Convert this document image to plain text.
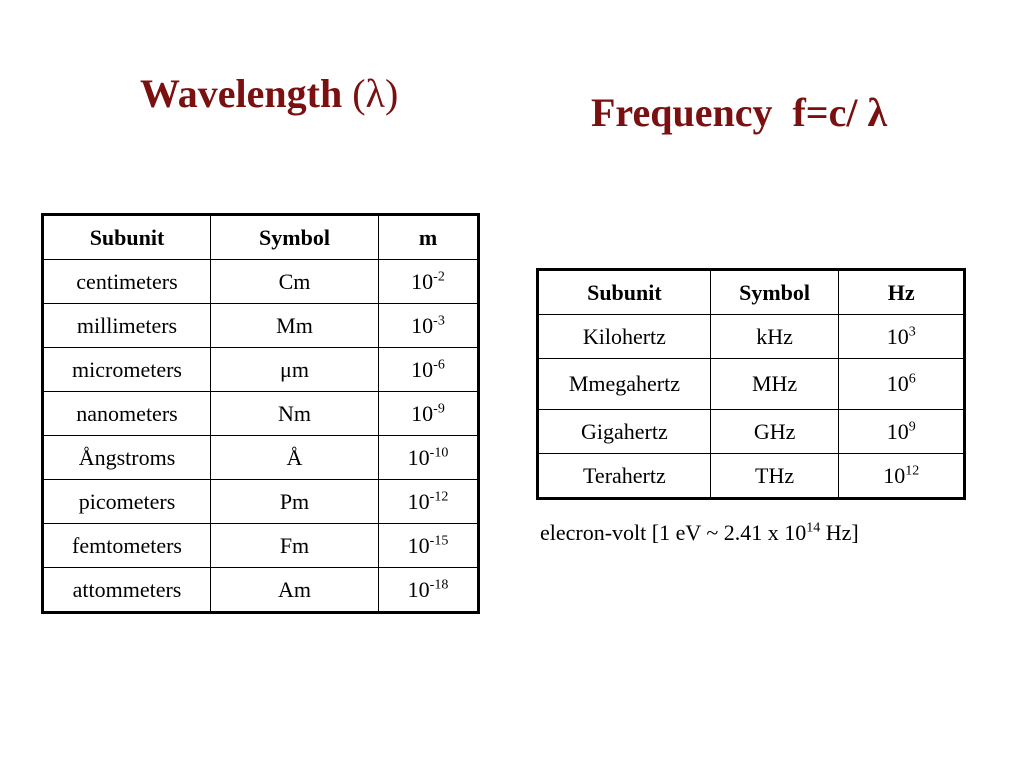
Wavelength (λ)	Frequency f=c/ λ
Subunit	Symbol	m
centimeters	Cm	$10^{-2}$
millimeters	Mm	$10^{-3}$
micrometers	μm	$10^{-6}$
nanometers	Nm	$10^{-9}$
Ångstroms	Å	$10^{-10}$
picometers	Pm	$10^{-12}$
femtometers	Fm	$10^{-15}$
attommeters	Am	$10^{-18}$
Subunit	Symbol	Hz
Kilohertz	kHz	$10^3$
Mmegahertz	MHz	$10^6$
Gigahertz	GHz	$10^9$
Terahertz	THz	$10^{12}$

elecron-volt [1 eV ~ 2.41 x $10^{14}$ Hz]
